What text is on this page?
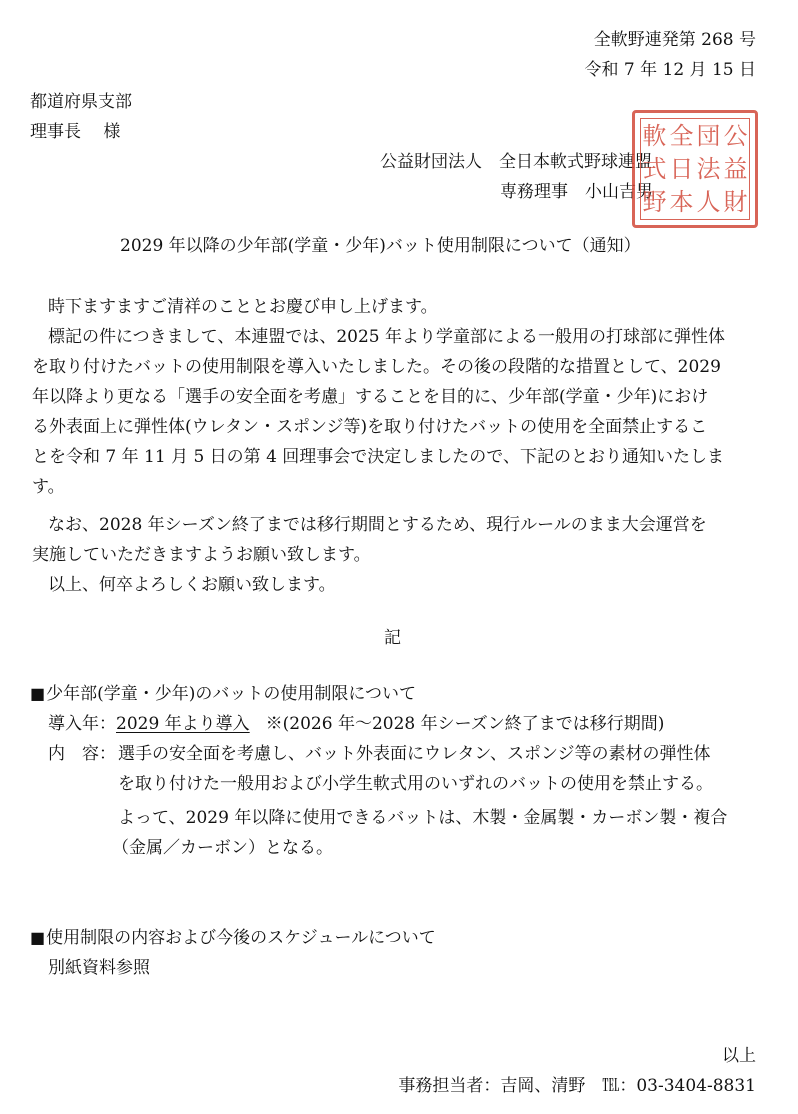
全軟野連発第 268 号
令和 7 年 12 月 15 日
都道府県支部
理事長　 様
公益財団法人　全日本軟式野球連盟
専務理事　小山吉男
軟 全 団 公
式 日 法 益
野 本 人 財
2029 年以降の少年部(学童・少年)バット使用制限について（通知）
時下ますますご清祥のこととお慶び申し上げます。
標記の件につきまして、本連盟では、2025 年より学童部による一般用の打球部に弾性体
を取り付けたバットの使用制限を導入いたしました。その後の段階的な措置として、2029
年以降より更なる「選手の安全面を考慮」することを目的に、少年部(学童・少年)におけ
る外表面上に弾性体(ウレタン・スポンジ等)を取り付けたバットの使用を全面禁止するこ
とを令和 7 年 11 月 5 日の第 4 回理事会で決定しましたので、下記のとおり通知いたしま
す。
なお、2028 年シーズン終了までは移行期間とするため、現行ルールのまま大会運営を
実施していただきますようお願い致します。
以上、何卒よろしくお願い致します。
記
■少年部(学童・少年)のバットの使用制限について
導入年：2029 年より導入 ※(2026 年～2028 年シーズン終了までは移行期間)
内　容： 選手の安全面を考慮し、バット外表面にウレタン、スポンジ等の素材の弾性体
を取り付けた一般用および小学生軟式用のいずれのバットの使用を禁止する。
よって、2029 年以降に使用できるバットは、木製・金属製・カーボン製・複合
（金属／カーボン）となる。
■使用制限の内容および今後のスケジュールについて
別紙資料参照
以上
事務担当者：吉岡、清野　℡：03-3404-8831
